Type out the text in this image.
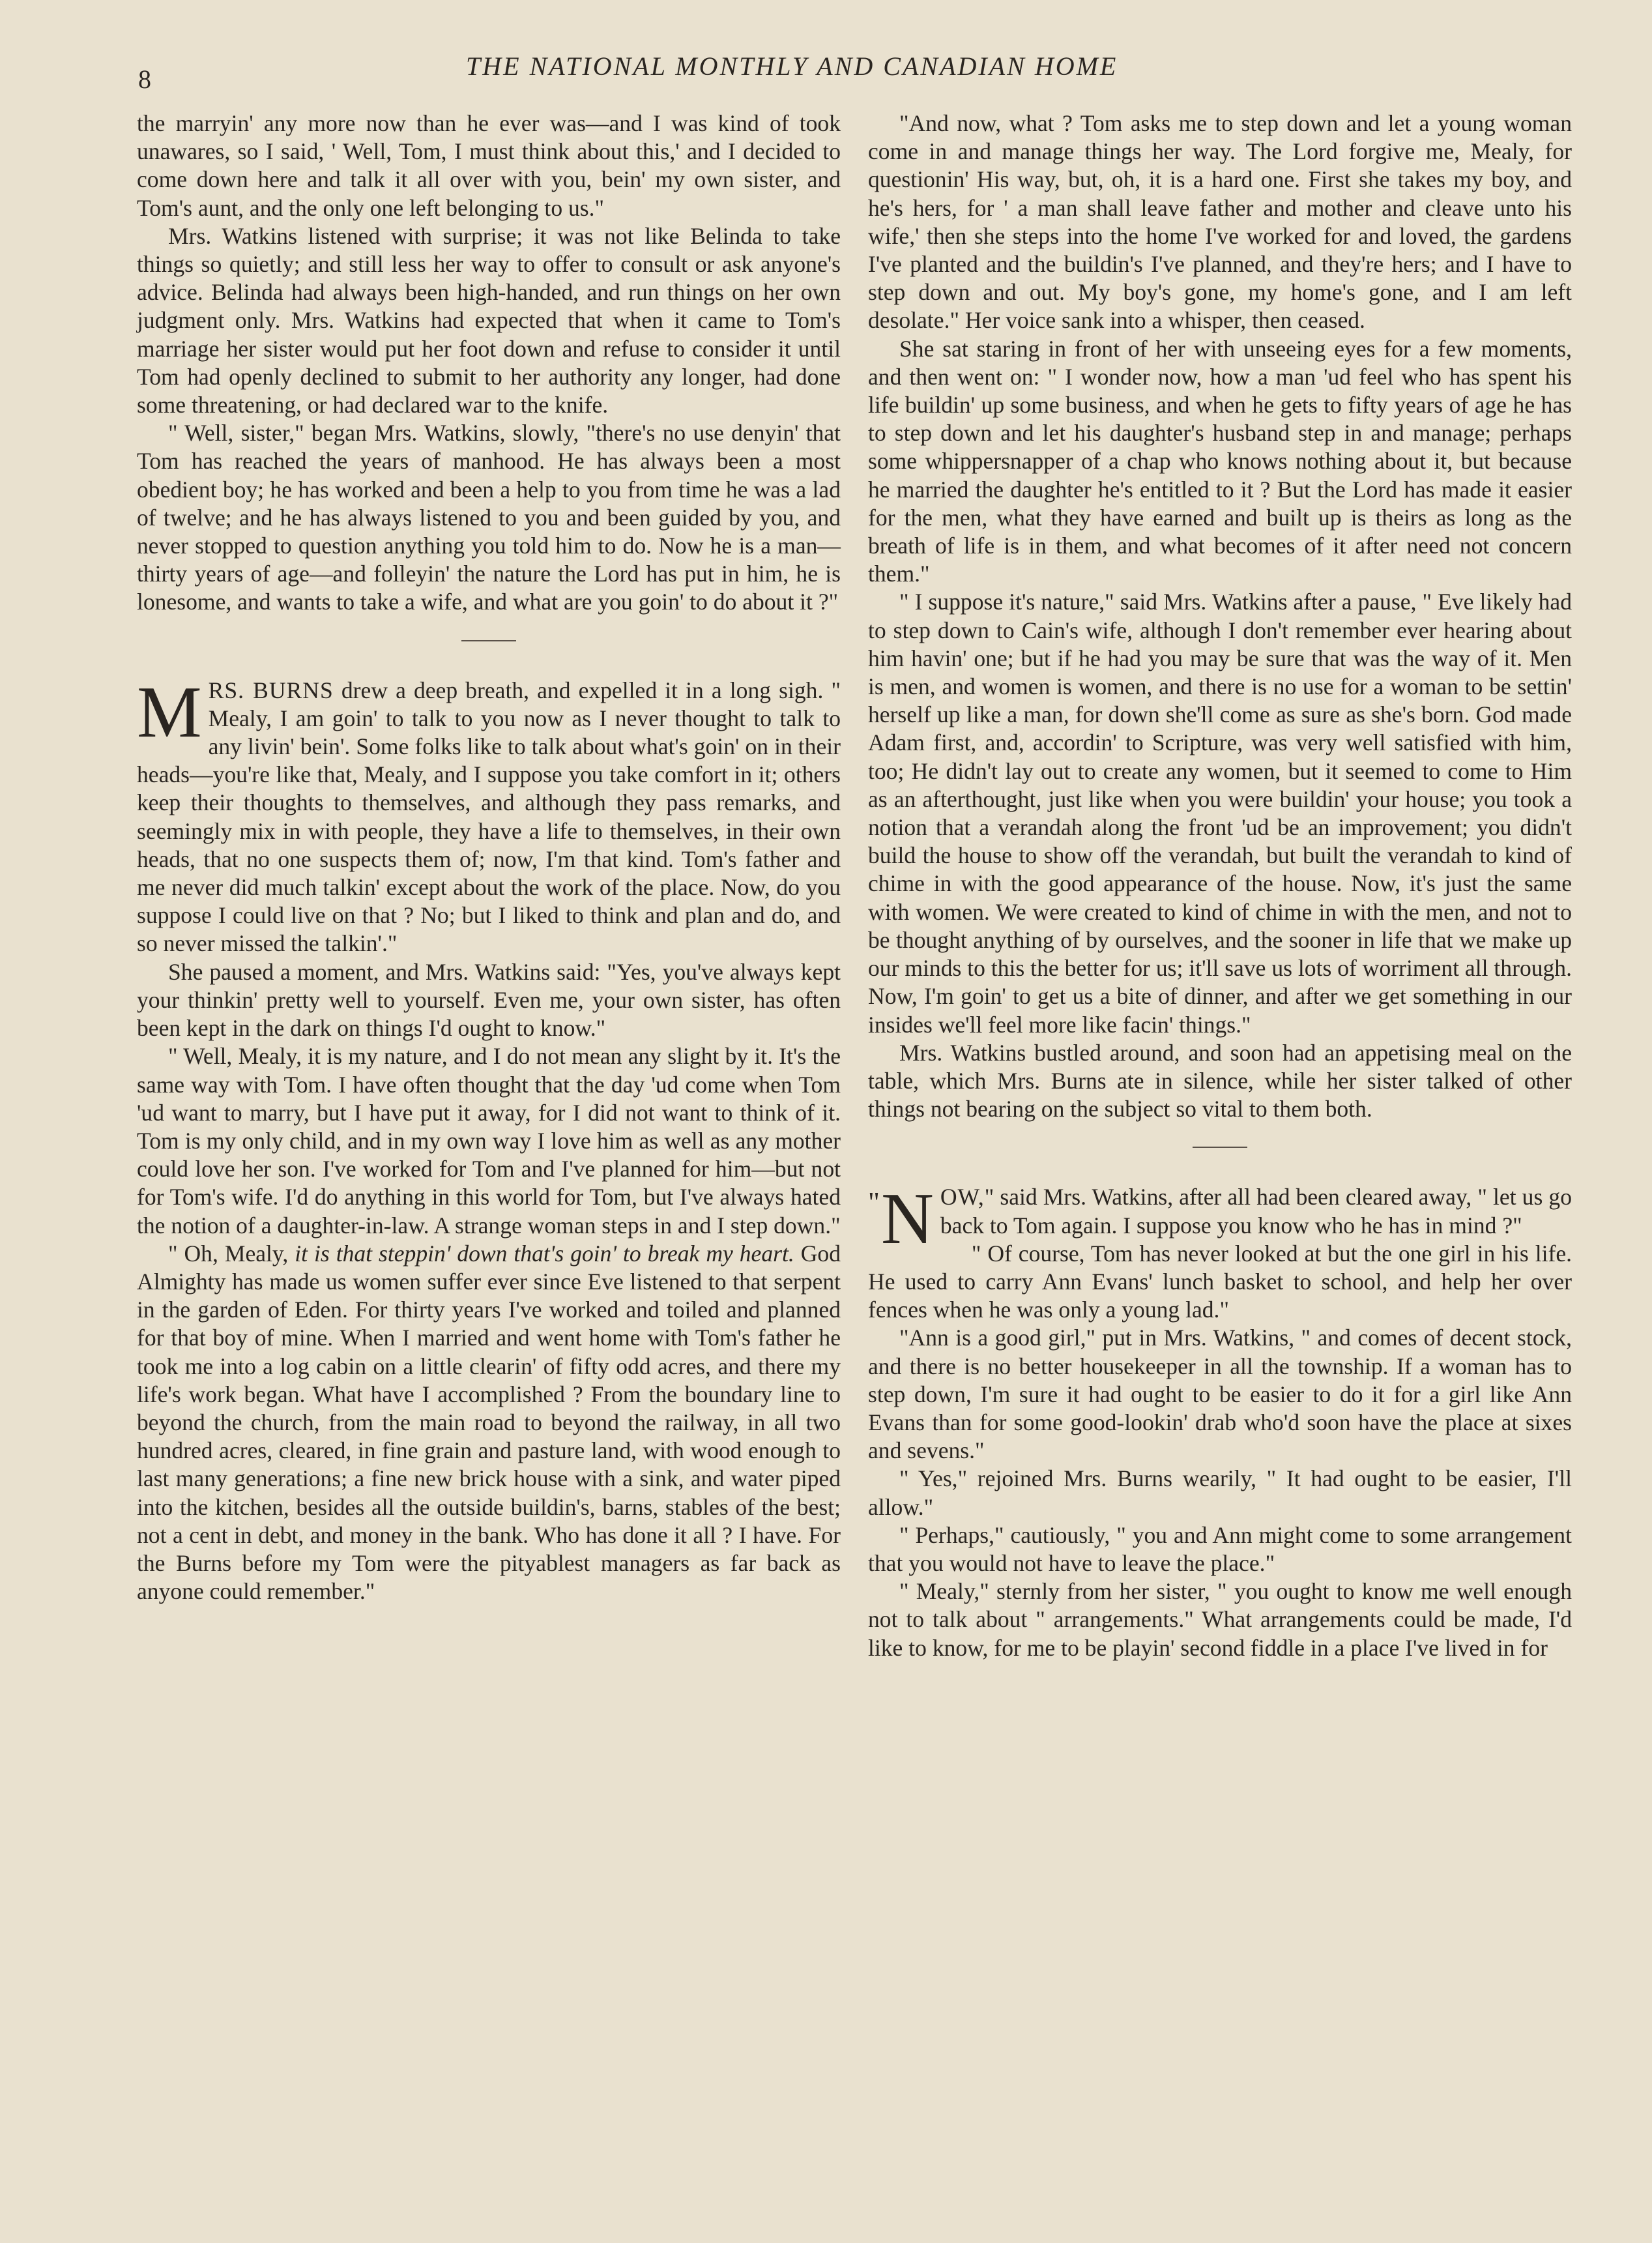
8	THE NATIONAL MONTHLY AND CANADIAN HOME

the marryin' any more now than he ever was—and I was kind of took unawares, so I said, ' Well, Tom, I must think about this,' and I decided to come down here and talk it all over with you, bein' my own sister, and Tom's aunt, and the only one left belonging to us."

Mrs. Watkins listened with surprise; it was not like Belinda to take things so quietly; and still less her way to offer to consult or ask anyone's advice. Belinda had always been high-handed, and run things on her own judgment only. Mrs. Watkins had expected that when it came to Tom's marriage her sister would put her foot down and refuse to consider it until Tom had openly declined to submit to her authority any longer, had done some threatening, or had declared war to the knife.

" Well, sister," began Mrs. Watkins, slowly, "there's no use denyin' that Tom has reached the years of manhood. He has always been a most obedient boy; he has worked and been a help to you from time he was a lad of twelve; and he has always listened to you and been guided by you, and never stopped to question anything you told him to do. Now he is a man—thirty years of age—and folleyin' the nature the Lord has put in him, he is lonesome, and wants to take a wife, and what are you goin' to do about it ?"

MRS. BURNS drew a deep breath, and expelled it in a long sigh. " Mealy, I am goin' to talk to you now as I never thought to talk to any livin' bein'. Some folks like to talk about what's goin' on in their heads—you're like that, Mealy, and I suppose you take comfort in it; others keep their thoughts to themselves, and although they pass remarks, and seemingly mix in with people, they have a life to themselves, in their own heads, that no one suspects them of; now, I'm that kind. Tom's father and me never did much talkin' except about the work of the place. Now, do you suppose I could live on that ? No; but I liked to think and plan and do, and so never missed the talkin'."

She paused a moment, and Mrs. Watkins said: "Yes, you've always kept your thinkin' pretty well to yourself. Even me, your own sister, has often been kept in the dark on things I'd ought to know."

" Well, Mealy, it is my nature, and I do not mean any slight by it. It's the same way with Tom. I have often thought that the day 'ud come when Tom 'ud want to marry, but I have put it away, for I did not want to think of it. Tom is my only child, and in my own way I love him as well as any mother could love her son. I've worked for Tom and I've planned for him—but not for Tom's wife. I'd do anything in this world for Tom, but I've always hated the notion of a daughter-in-law. A strange woman steps in and I step down."

" Oh, Mealy, it is that steppin' down that's goin' to break my heart. God Almighty has made us women suffer ever since Eve listened to that serpent in the garden of Eden. For thirty years I've worked and toiled and planned for that boy of mine. When I married and went home with Tom's father he took me into a log cabin on a little clearin' of fifty odd acres, and there my life's work began. What have I accomplished ? From the boundary line to beyond the church, from the main road to beyond the railway, in all two hundred acres, cleared, in fine grain and pasture land, with wood enough to last many generations; a fine new brick house with a sink, and water piped into the kitchen, besides all the outside buildin's, barns, stables of the best; not a cent in debt, and money in the bank. Who has done it all ? I have. For the Burns before my Tom were the pityablest managers as far back as anyone could remember."

"And now, what ? Tom asks me to step down and let a young woman come in and manage things her way. The Lord forgive me, Mealy, for questionin' His way, but, oh, it is a hard one. First she takes my boy, and he's hers, for ' a man shall leave father and mother and cleave unto his wife,' then she steps into the home I've worked for and loved, the gardens I've planted and the buildin's I've planned, and they're hers; and I have to step down and out. My boy's gone, my home's gone, and I am left desolate." Her voice sank into a whisper, then ceased.

She sat staring in front of her with unseeing eyes for a few moments, and then went on: " I wonder now, how a man 'ud feel who has spent his life buildin' up some business, and when he gets to fifty years of age he has to step down and let his daughter's husband step in and manage; perhaps some whippersnapper of a chap who knows nothing about it, but because he married the daughter he's entitled to it ? But the Lord has made it easier for the men, what they have earned and built up is theirs as long as the breath of life is in them, and what becomes of it after need not concern them."

" I suppose it's nature," said Mrs. Watkins after a pause, " Eve likely had to step down to Cain's wife, although I don't remember ever hearing about him havin' one; but if he had you may be sure that was the way of it. Men is men, and women is women, and there is no use for a woman to be settin' herself up like a man, for down she'll come as sure as she's born. God made Adam first, and, accordin' to Scripture, was very well satisfied with him, too; He didn't lay out to create any women, but it seemed to come to Him as an afterthought, just like when you were buildin' your house; you took a notion that a verandah along the front 'ud be an improvement; you didn't build the house to show off the verandah, but built the verandah to kind of chime in with the good appearance of the house. Now, it's just the same with women. We were created to kind of chime in with the men, and not to be thought anything of by ourselves, and the sooner in life that we make up our minds to this the better for us; it'll save us lots of worriment all through. Now, I'm goin' to get us a bite of dinner, and after we get something in our insides we'll feel more like facin' things."

Mrs. Watkins bustled around, and soon had an appetising meal on the table, which Mrs. Burns ate in silence, while her sister talked of other things not bearing on the subject so vital to them both.

" N OW," said Mrs. Watkins, after all had been cleared away, " let us go back to Tom again. I suppose you know who he has in mind ?"

" Of course, Tom has never looked at but the one girl in his life. He used to carry Ann Evans' lunch basket to school, and help her over fences when he was only a young lad."

"Ann is a good girl," put in Mrs. Watkins, " and comes of decent stock, and there is no better housekeeper in all the township. If a woman has to step down, I'm sure it had ought to be easier to do it for a girl like Ann Evans than for some good-lookin' drab who'd soon have the place at sixes and sevens."

" Yes," rejoined Mrs. Burns wearily, " It had ought to be easier, I'll allow."

" Perhaps," cautiously, " you and Ann might come to some arrangement that you would not have to leave the place."

" Mealy," sternly from her sister, " you ought to know me well enough not to talk about " arrangements." What arrangements could be made, I'd like to know, for me to be playin' second fiddle in a place I've lived in for
